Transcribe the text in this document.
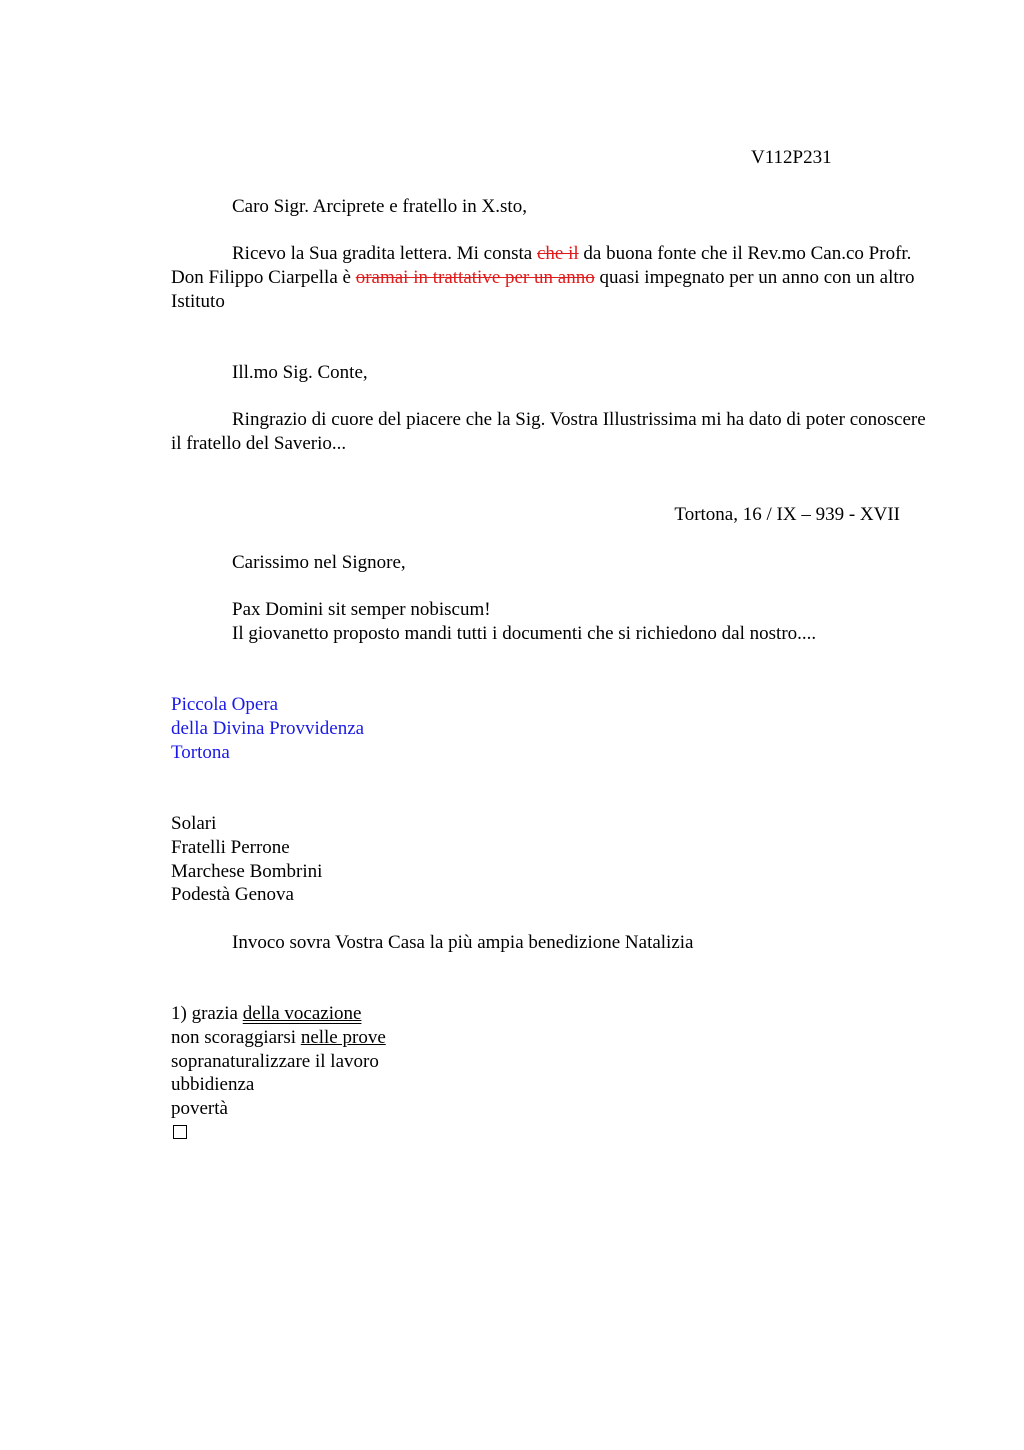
V112P231
Caro Sigr. Arciprete e fratello in X.sto,
Ricevo la Sua gradita lettera. Mi consta che il da buona fonte che il Rev.mo Can.co Profr. Don Filippo Ciarpella è oramai in trattative per un anno quasi impegnato per un anno con un altro Istituto
Ill.mo Sig. Conte,
Ringrazio di cuore del piacere che la Sig. Vostra Illustrissima mi ha dato di poter conoscere il fratello del Saverio...
Tortona, 16 / IX – 939 - XVII
Carissimo nel Signore,
Pax Domini sit semper nobiscum!
Il giovanetto proposto mandi tutti i documenti che si richiedono dal nostro....
Piccola Opera
della Divina Provvidenza
Tortona
Solari
Fratelli Perrone
Marchese Bombrini
Podestà Genova
Invoco sovra Vostra Casa la più ampia benedizione Natalizia
1) grazia della vocazione
non scoraggiarsi nelle prove
sopranaturalizzare il lavoro
ubbidienza
povertà
